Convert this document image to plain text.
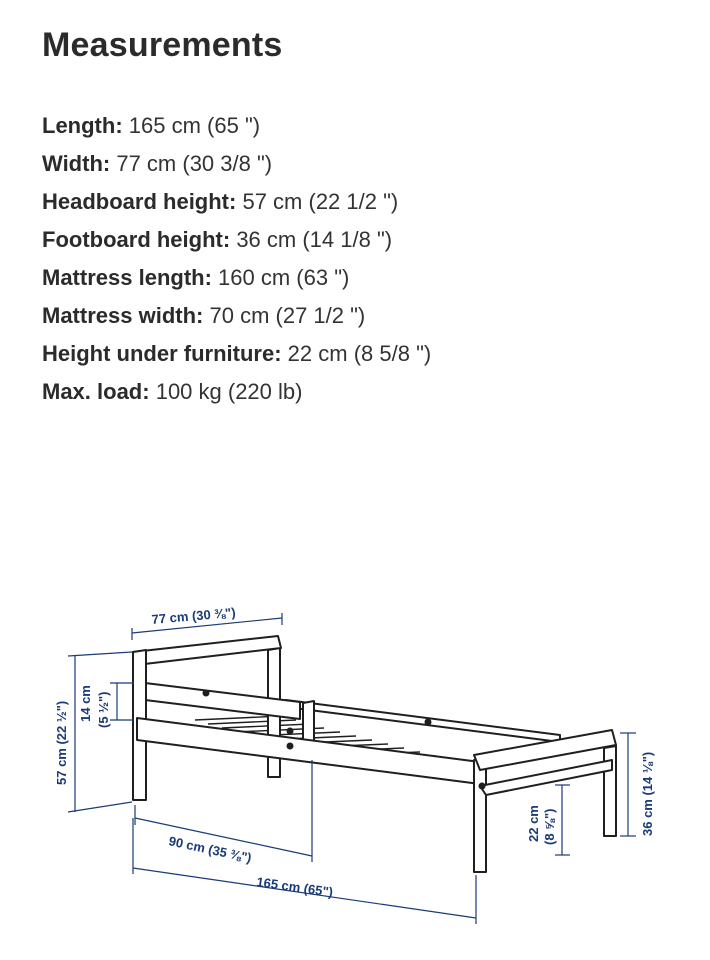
Measurements
Length: 165 cm (65 ")
Width: 77 cm (30 3/8 ")
Headboard height: 57 cm (22 1/2 ")
Footboard height: 36 cm (14 1/8 ")
Mattress length: 160 cm (63 ")
Mattress width: 70 cm (27 1/2 ")
Height under furniture: 22 cm (8 5/8 ")
Max. load: 100 kg (220 lb)
77 cm (30 ⅜")
57 cm (22 ½") 14 cm (5 ½")
90 cm (35 ⅜")
165 cm (65")
22 cm (8 ⅝")	36 cm (14 ⅛")
